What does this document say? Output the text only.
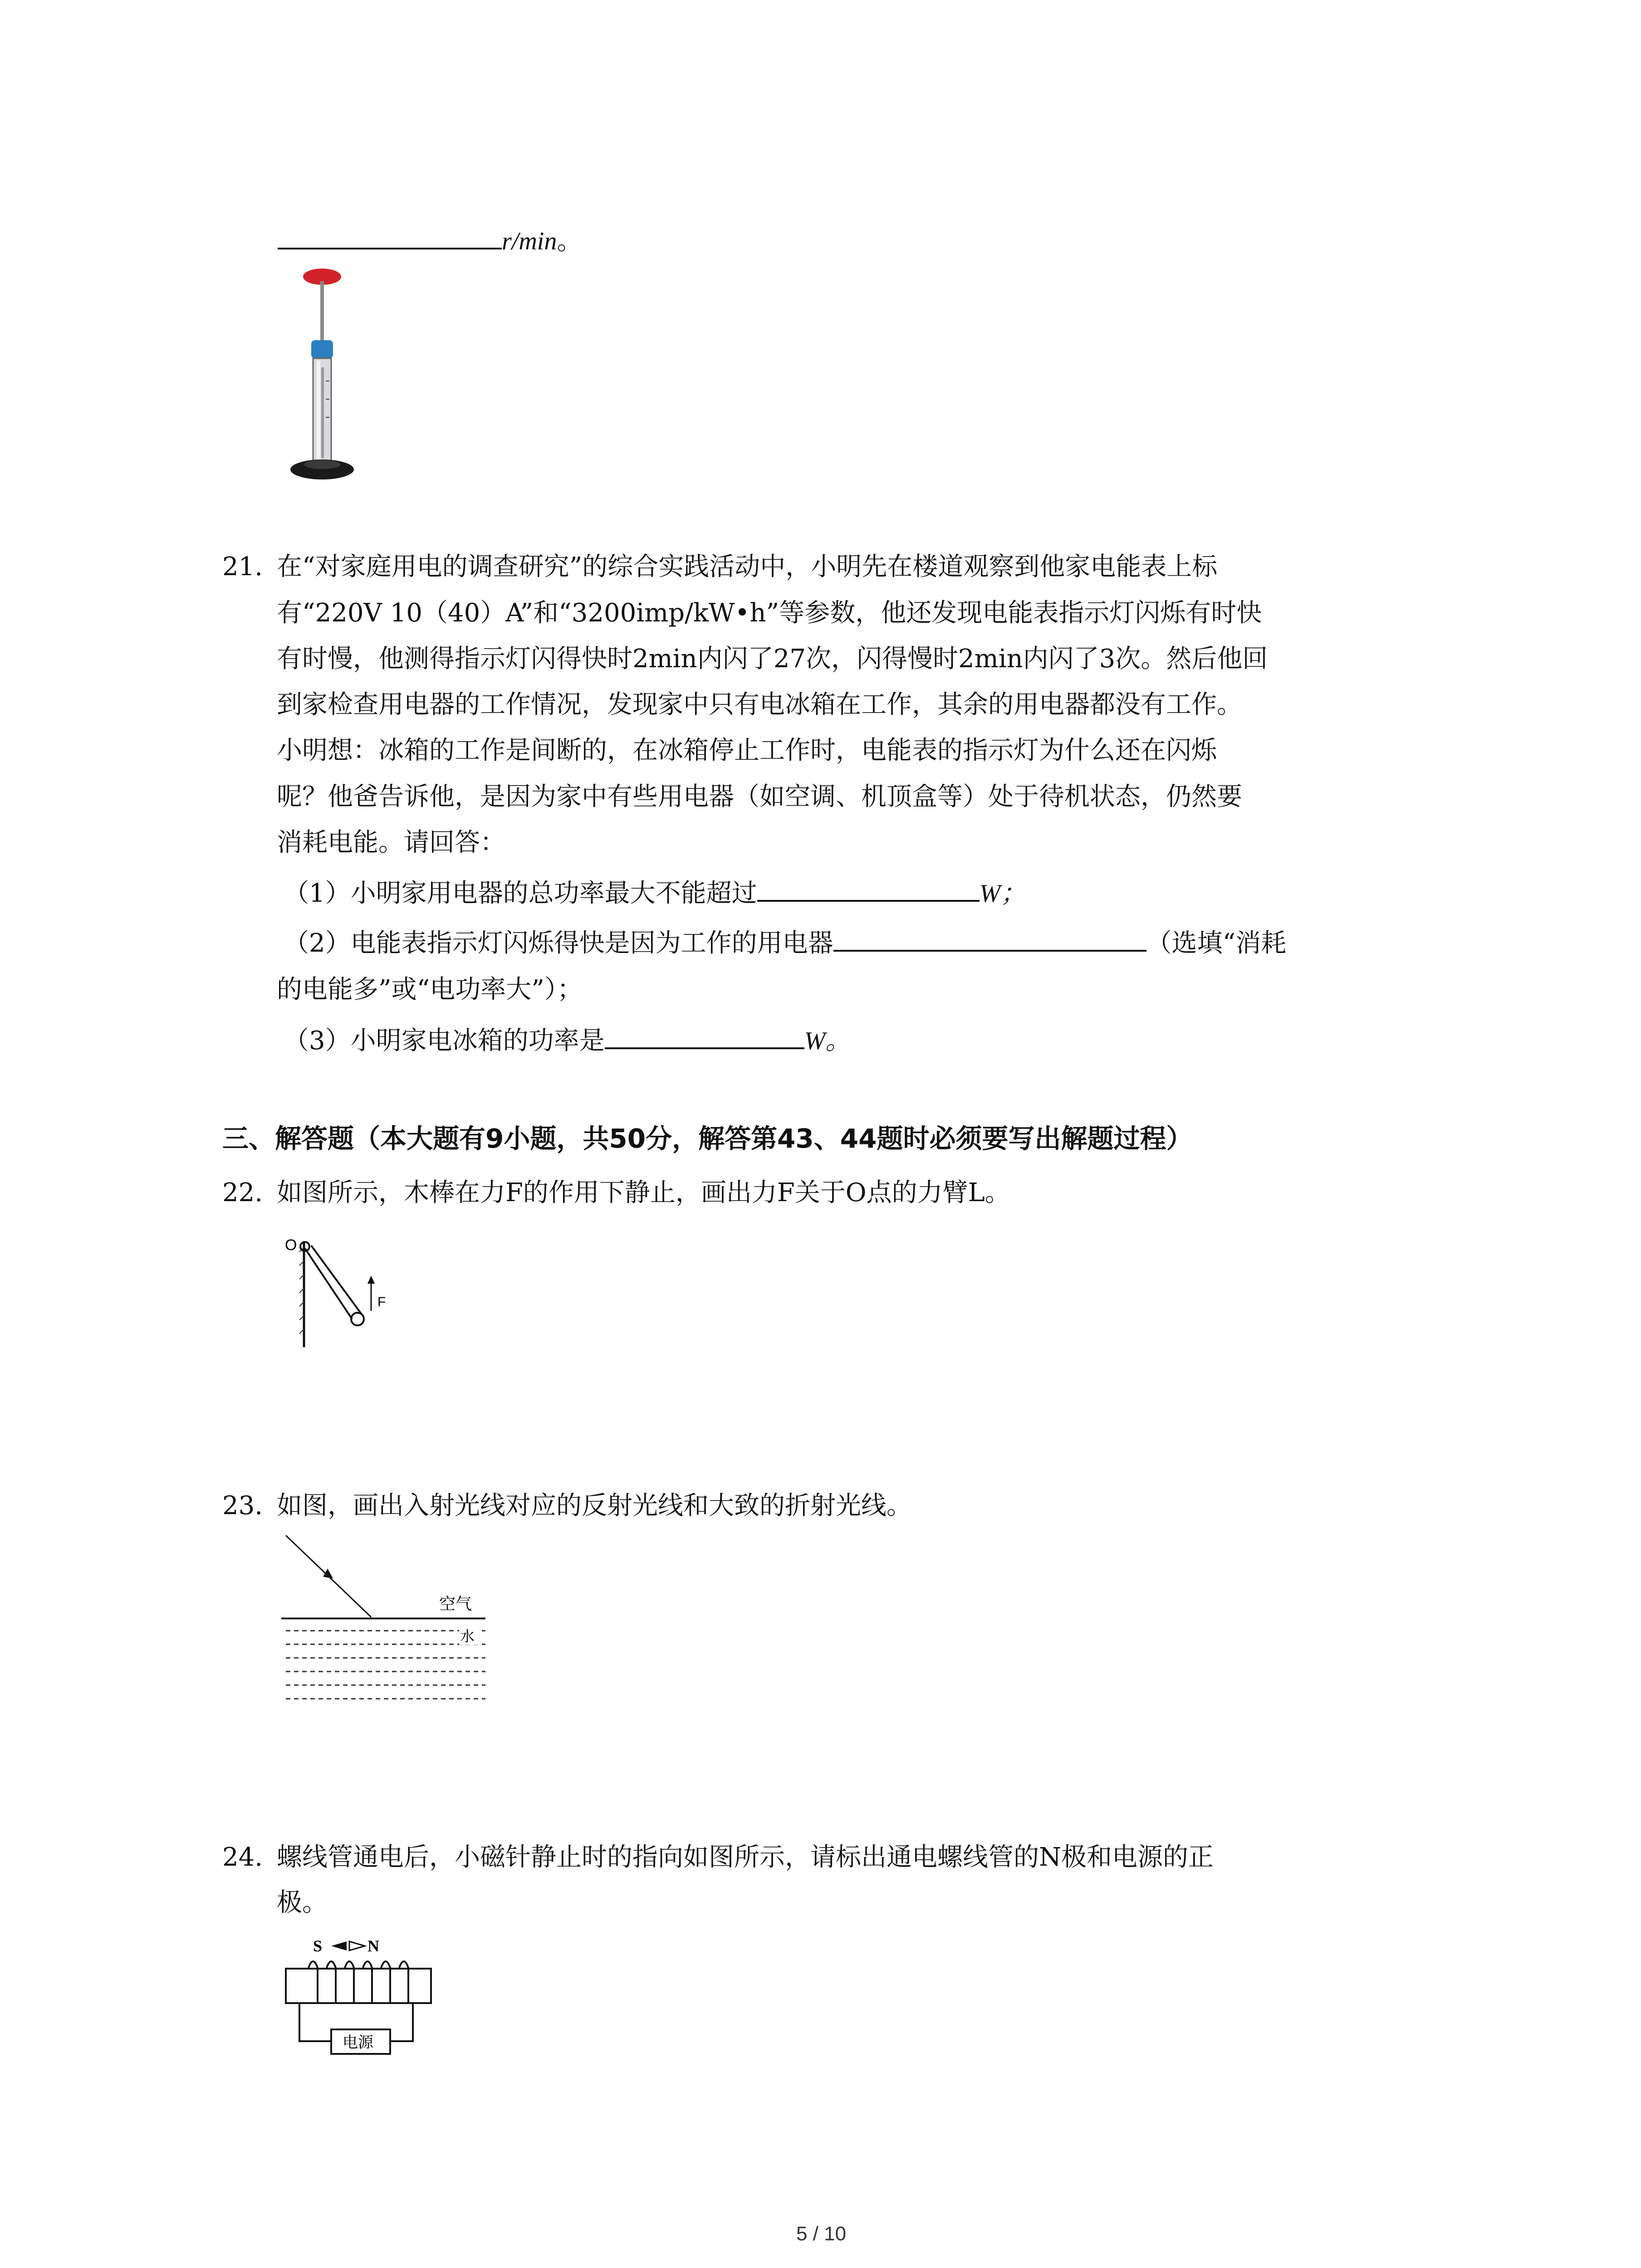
r/min。
21. 在“对家庭用电的调查研究”的综合实践活动中，小明先在楼道观察到他家电能表上标
有“220V 10（40）A”和“3200imp/kW•h”等参数，他还发现电能表指示灯闪烁有时快
有时慢，他测得指示灯闪得快时2min内闪了27次，闪得慢时2min内闪了3次。然后他回
到家检查用电器的工作情况，发现家中只有电冰箱在工作，其余的用电器都没有工作。
小明想：冰箱的工作是间断的，在冰箱停止工作时，电能表的指示灯为什么还在闪烁
呢？他爸告诉他，是因为家中有些用电器（如空调、机顶盒等）处于待机状态，仍然要
消耗电能。请回答：
（1）小明家用电器的总功率最大不能超过	W；
（2）电能表指示灯闪烁得快是因为工作的用电器	（选填“消耗
的电能多”或“电功率大”）；
（3）小明家电冰箱的功率是	W。
三、解答题（本大题有9小题，共50分，解答第43、44题时必须要写出解题过程）
22. 如图所示，木棒在力F的作用下静止，画出力F关于O点的力臂L。
O
F
23. 如图，画出入射光线对应的反射光线和大致的折射光线。
空气
水
24. 螺线管通电后，小磁针静止时的指向如图所示，请标出通电螺线管的N极和电源的正
极。
S	N
电源
5 / 10
